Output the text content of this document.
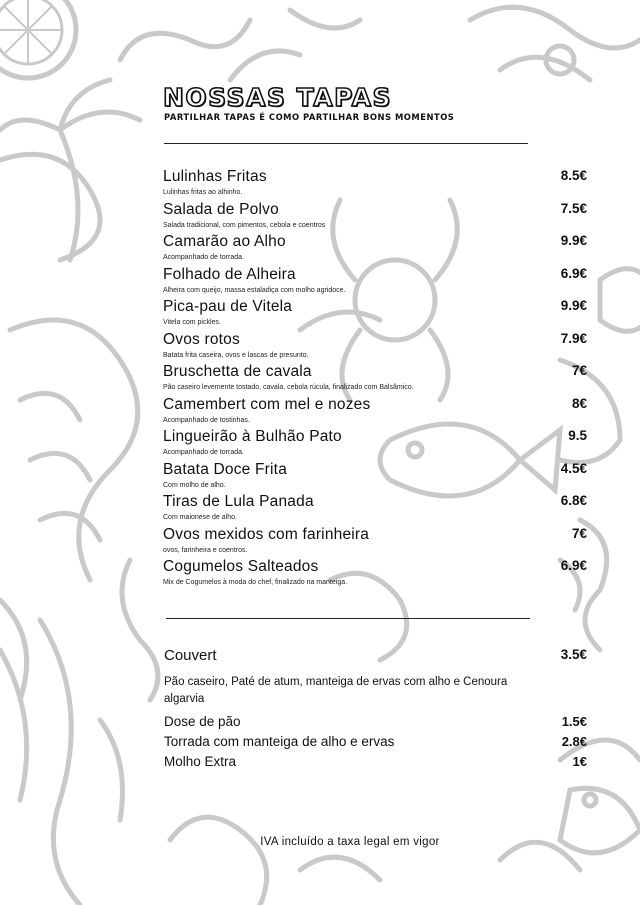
NOSSAS TAPAS
PARTILHAR TAPAS É COMO PARTILHAR BONS MOMENTOS
Lulinhas Fritas	8.5€
Lulinhas fritas ao alhinho.
Salada de Polvo	7.5€
Salada tradicional, com pimentos, cebola e coentros
Camarão ao Alho	9.9€
Acompanhado de torrada.
Folhado de Alheira	6.9€
Alheira com queijo, massa estaladiça com molho agridoce.
Pica-pau de Vitela	9.9€
Vitela com pickles.
Ovos rotos	7.9€
Batata frita caseira, ovos e lascas de presunto.
Bruschetta de cavala	7€
Pão caseiro levemente tostado, cavala, cebola rúcula, finalizado com Balsâmico.
Camembert com mel e nozes	8€
Acompanhado de tostinhas.
Lingueirão à Bulhão Pato	9.5
Acompanhado de torrada.
Batata Doce Frita	4.5€
Com molho de alho.
Tiras de Lula Panada	6.8€
Com maionese de alho.
Ovos mexidos com farinheira	7€
ovos, farinheira e coentros.
Cogumelos Salteados	6.9€
Mix de Cogumelos à moda do chef, finalizado na manteiga.
Couvert	3.5€
Pão caseiro, Paté de atum, manteiga de ervas com alho e Cenoura algarvia
Dose de pão	1.5€
Torrada com manteiga de alho e ervas	2.8€
Molho Extra	1€
IVA incluído a taxa legal em vigor
